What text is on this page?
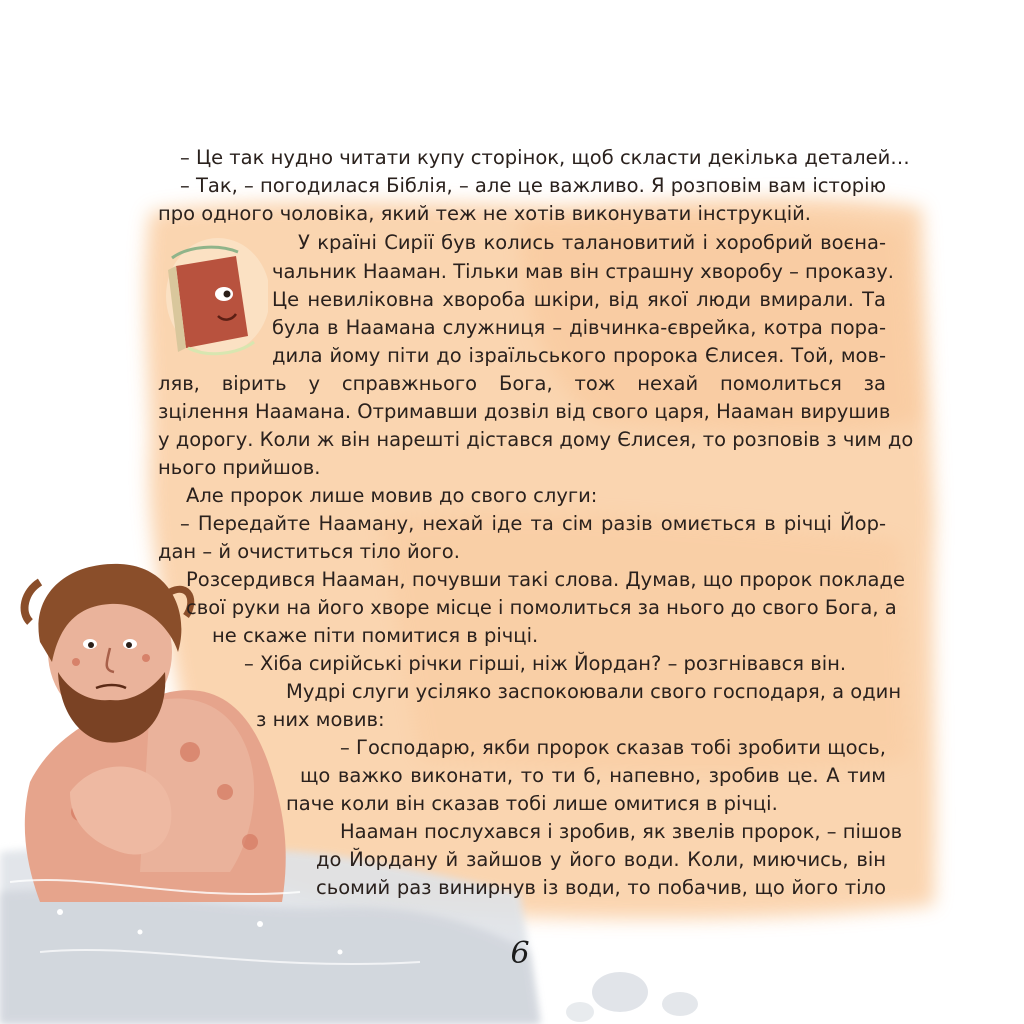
– Це так нудно читати купу сторінок, щоб скласти декілька деталей…

– Так, – погодилася Біблія, – але це важливо. Я розповім вам історію

про одного чоловіка, який теж не хотів виконувати інструкцій.

У країні Сирії був колись талановитий і хоробрий воєна-

чальник Нааман. Тільки мав він страшну хворобу – проказу.

Це невиліковна хвороба шкіри, від якої люди вмирали. Та

була в Наамана служниця – дівчинка-єврейка, котра пора-

дила йому піти до ізраїльського пророка Єлисея. Той, мов-

ляв, вірить у справжнього Бога, тож нехай помолиться за

зцілення Наамана. Отримавши дозвіл від свого царя, Нааман вирушив

у дорогу. Коли ж він нарешті дістався дому Єлисея, то розповів з чим до

нього прийшов.

Але пророк лише мовив до свого слуги:

– Передайте Нааману, нехай іде та сім разів омиється в річці Йор-

дан – й очиститься тіло його.

Розсердився Нааман, почувши такі слова. Думав, що пророк покладе

свої руки на його хворе місце і помолиться за нього до свого Бога, а

не скаже піти помитися в річці.

– Хіба сирійські річки гірші, ніж Йордан? – розгнівався він.

Мудрі слуги усіляко заспокоювали свого господаря, а один

з них мовив:

– Господарю, якби пророк сказав тобі зробити щось,

що важко виконати, то ти б, напевно, зробив це. А тим

паче коли він сказав тобі лише омитися в річці.

Нааман послухався і зробив, як звелів пророк, – пішов

до Йордану й зайшов у його води. Коли, миючись, він

сьомий раз винирнув із води, то побачив, що його тіло

6
